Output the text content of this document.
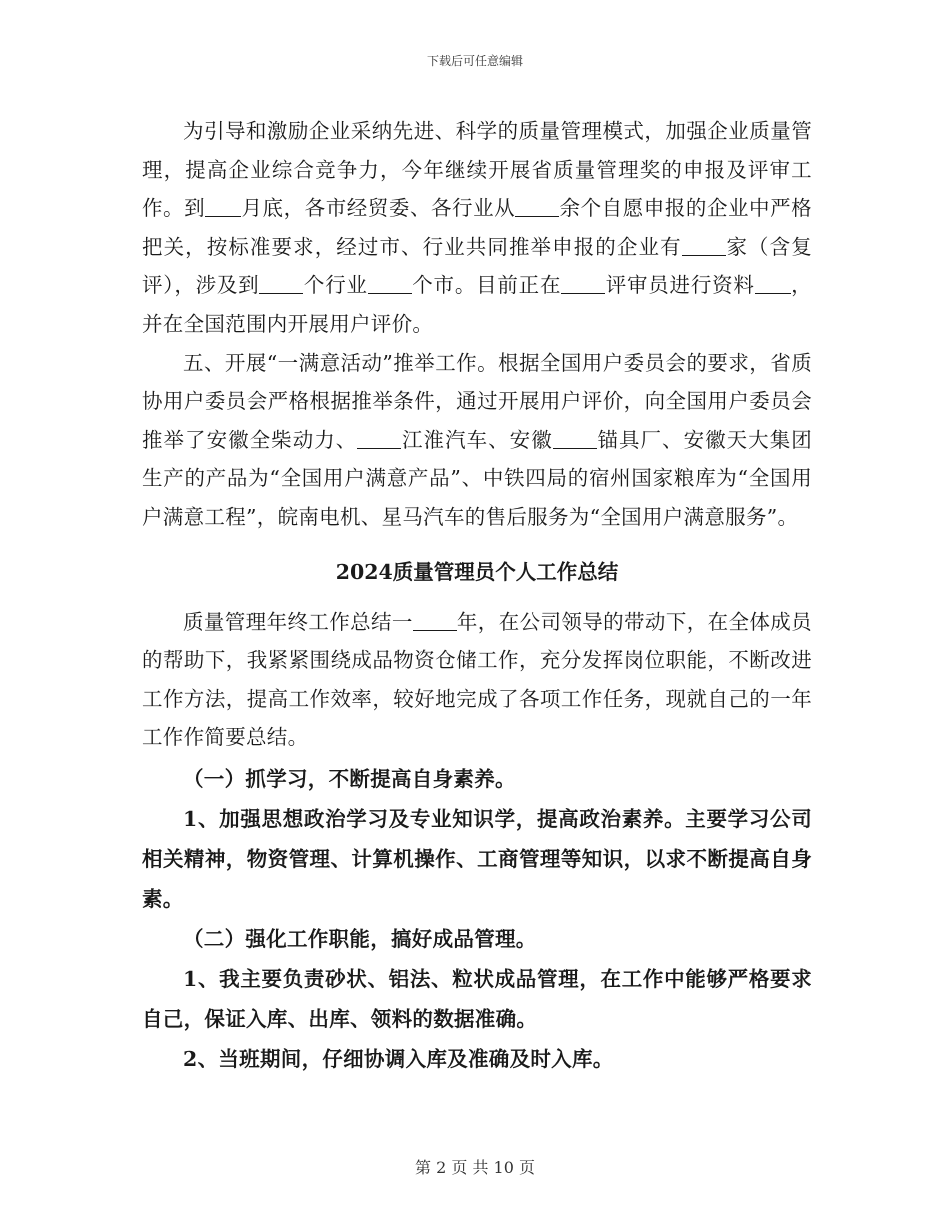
下载后可任意编辑

为引导和激励企业采纳先进、科学的质量管理模式，加强企业质量管理，提高企业综合竞争力，今年继续开展省质量管理奖的申报及评审工作。到 月底，各市经贸委、各行业从 余个自愿申报的企业中严格把关，按标准要求，经过市、行业共同推举申报的企业有 家（含复评），涉及到 个行业 个市。目前正在 评审员进行资料 ，并在全国范围内开展用户评价。

五、开展“一满意活动”推举工作。根据全国用户委员会的要求，省质协用户委员会严格根据推举条件，通过开展用户评价，向全国用户委员会推举了安徽全柴动力、 江淮汽车、安徽 锚具厂、安徽天大集团生产的产品为“全国用户满意产品”、中铁四局的宿州国家粮库为“全国用户满意工程”，皖南电机、星马汽车的售后服务为“全国用户满意服务”。

2024质量管理员个人工作总结

质量管理年终工作总结一 年，在公司领导的带动下，在全体成员的帮助下，我紧紧围绕成品物资仓储工作，充分发挥岗位职能，不断改进工作方法，提高工作效率，较好地完成了各项工作任务，现就自己的一年工作作简要总结。

（一）抓学习，不断提高自身素养。

1、加强思想政治学习及专业知识学，提高政治素养。主要学习公司相关精神，物资管理、计算机操作、工商管理等知识，以求不断提高自身素。

（二）强化工作职能，搞好成品管理。

1、我主要负责砂状、铝法、粒状成品管理，在工作中能够严格要求自己，保证入库、出库、领料的数据准确。

2、当班期间，仔细协调入库及准确及时入库。

第 2 页 共 10 页
